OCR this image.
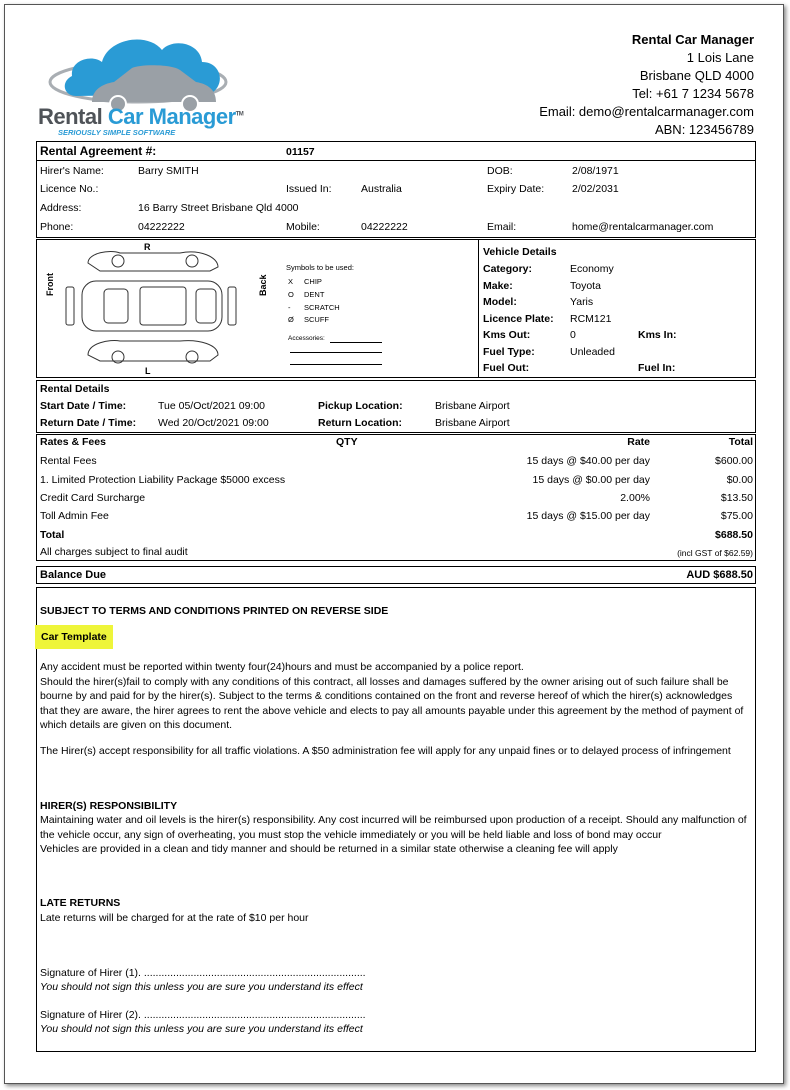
Rental Car Manager™
SERIOUSLY SIMPLE SOFTWARE
Rental Car Manager
1 Lois Lane
Brisbane QLD 4000
Tel: +61 7 1234 5678
Email: demo@rentalcarmanager.com
ABN: 123456789
Rental Agreement #:	01157
Hirer's Name:	Barry SMITH	DOB:	2/08/1971
Licence No.:	Issued In:	Australia	Expiry Date:	2/02/2031
Address:	16 Barry Street Brisbane Qld 4000
Phone:	04222222	Mobile:	04222222	Email:	home@rentalcarmanager.com
Front	Back
R
L
Symbols to be used:
X CHIP
O DENT
- SCRATCH
Ø SCUFF
Accessories:
Vehicle Details
Category:	Economy
Make:	Toyota
Model:	Yaris
Licence Plate: RCM121
Kms Out:	0	Kms In:
Fuel Type:	Unleaded
Fuel Out:	Fuel In:
Rental Details
Start Date / Time:	Tue 05/Oct/2021 09:00	Pickup Location:	Brisbane Airport
Return Date / Time: Wed 20/Oct/2021 09:00	Return Location:	Brisbane Airport
Rates & Fees	QTY	Rate	Total
Rental Fees	15 days @ $40.00 per day	$600.00
1. Limited Protection Liability Package $5000 excess	15 days @ $0.00 per day	$0.00
Credit Card Surcharge	2.00%	$13.50
Toll Admin Fee	15 days @ $15.00 per day	$75.00
Total	$688.50
All charges subject to final audit	(incl GST of $62.59)
Balance Due	AUD $688.50
SUBJECT TO TERMS AND CONDITIONS PRINTED ON REVERSE SIDE
Car Template
Any accident must be reported within twenty four(24)hours and must be accompanied by a police report.
Should the hirer(s)fail to comply with any conditions of this contract, all losses and damages suffered by the owner arising out of such failure shall be bourne by and paid for by the hirer(s). Subject to the terms & conditions contained on the front and reverse hereof of which the hirer(s) acknowledges that they are aware, the hirer agrees to rent the above vehicle and elects to pay all amounts payable under this agreement by the method of payment of which details are given on this document.
The Hirer(s) accept responsibility for all traffic violations. A $50 administration fee will apply for any unpaid fines or to delayed process of infringement
HIRER(S) RESPONSIBILITY
Maintaining water and oil levels is the hirer(s) responsibility. Any cost incurred will be reimbursed upon production of a receipt. Should any malfunction of the vehicle occur, any sign of overheating, you must stop the vehicle immediately or you will be held liable and loss of bond may occur
Vehicles are provided in a clean and tidy manner and should be returned in a similar state otherwise a cleaning fee will apply
LATE RETURNS
Late returns will be charged for at the rate of $10 per hour
Signature of Hirer (1). ............................................................................
You should not sign this unless you are sure you understand its effect
Signature of Hirer (2). ............................................................................
You should not sign this unless you are sure you understand its effect
